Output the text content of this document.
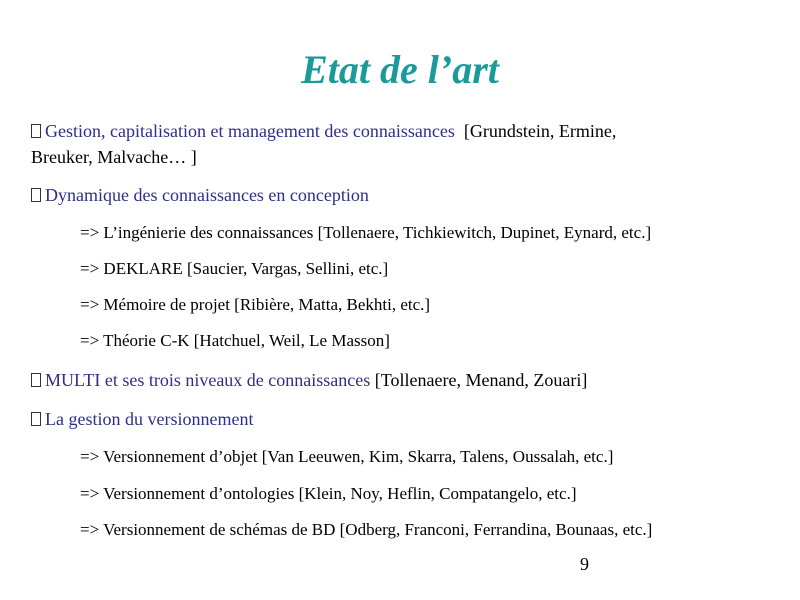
Etat de l’art
Gestion, capitalisation et management des connaissances [Grundstein, Ermine,
Breuker, Malvache… ]
Dynamique des connaissances en conception
=> L’ingénierie des connaissances [Tollenaere, Tichkiewitch, Dupinet, Eynard, etc.]
=> DEKLARE [Saucier, Vargas, Sellini, etc.]
=> Mémoire de projet [Ribière, Matta, Bekhti, etc.]
=> Théorie C-K [Hatchuel, Weil, Le Masson]
MULTI et ses trois niveaux de connaissances [Tollenaere, Menand, Zouari]
La gestion du versionnement
=> Versionnement d’objet [Van Leeuwen, Kim, Skarra, Talens, Oussalah, etc.]
=> Versionnement d’ontologies [Klein, Noy, Heflin, Compatangelo, etc.]
=> Versionnement de schémas de BD [Odberg, Franconi, Ferrandina, Bounaas, etc.]
9
